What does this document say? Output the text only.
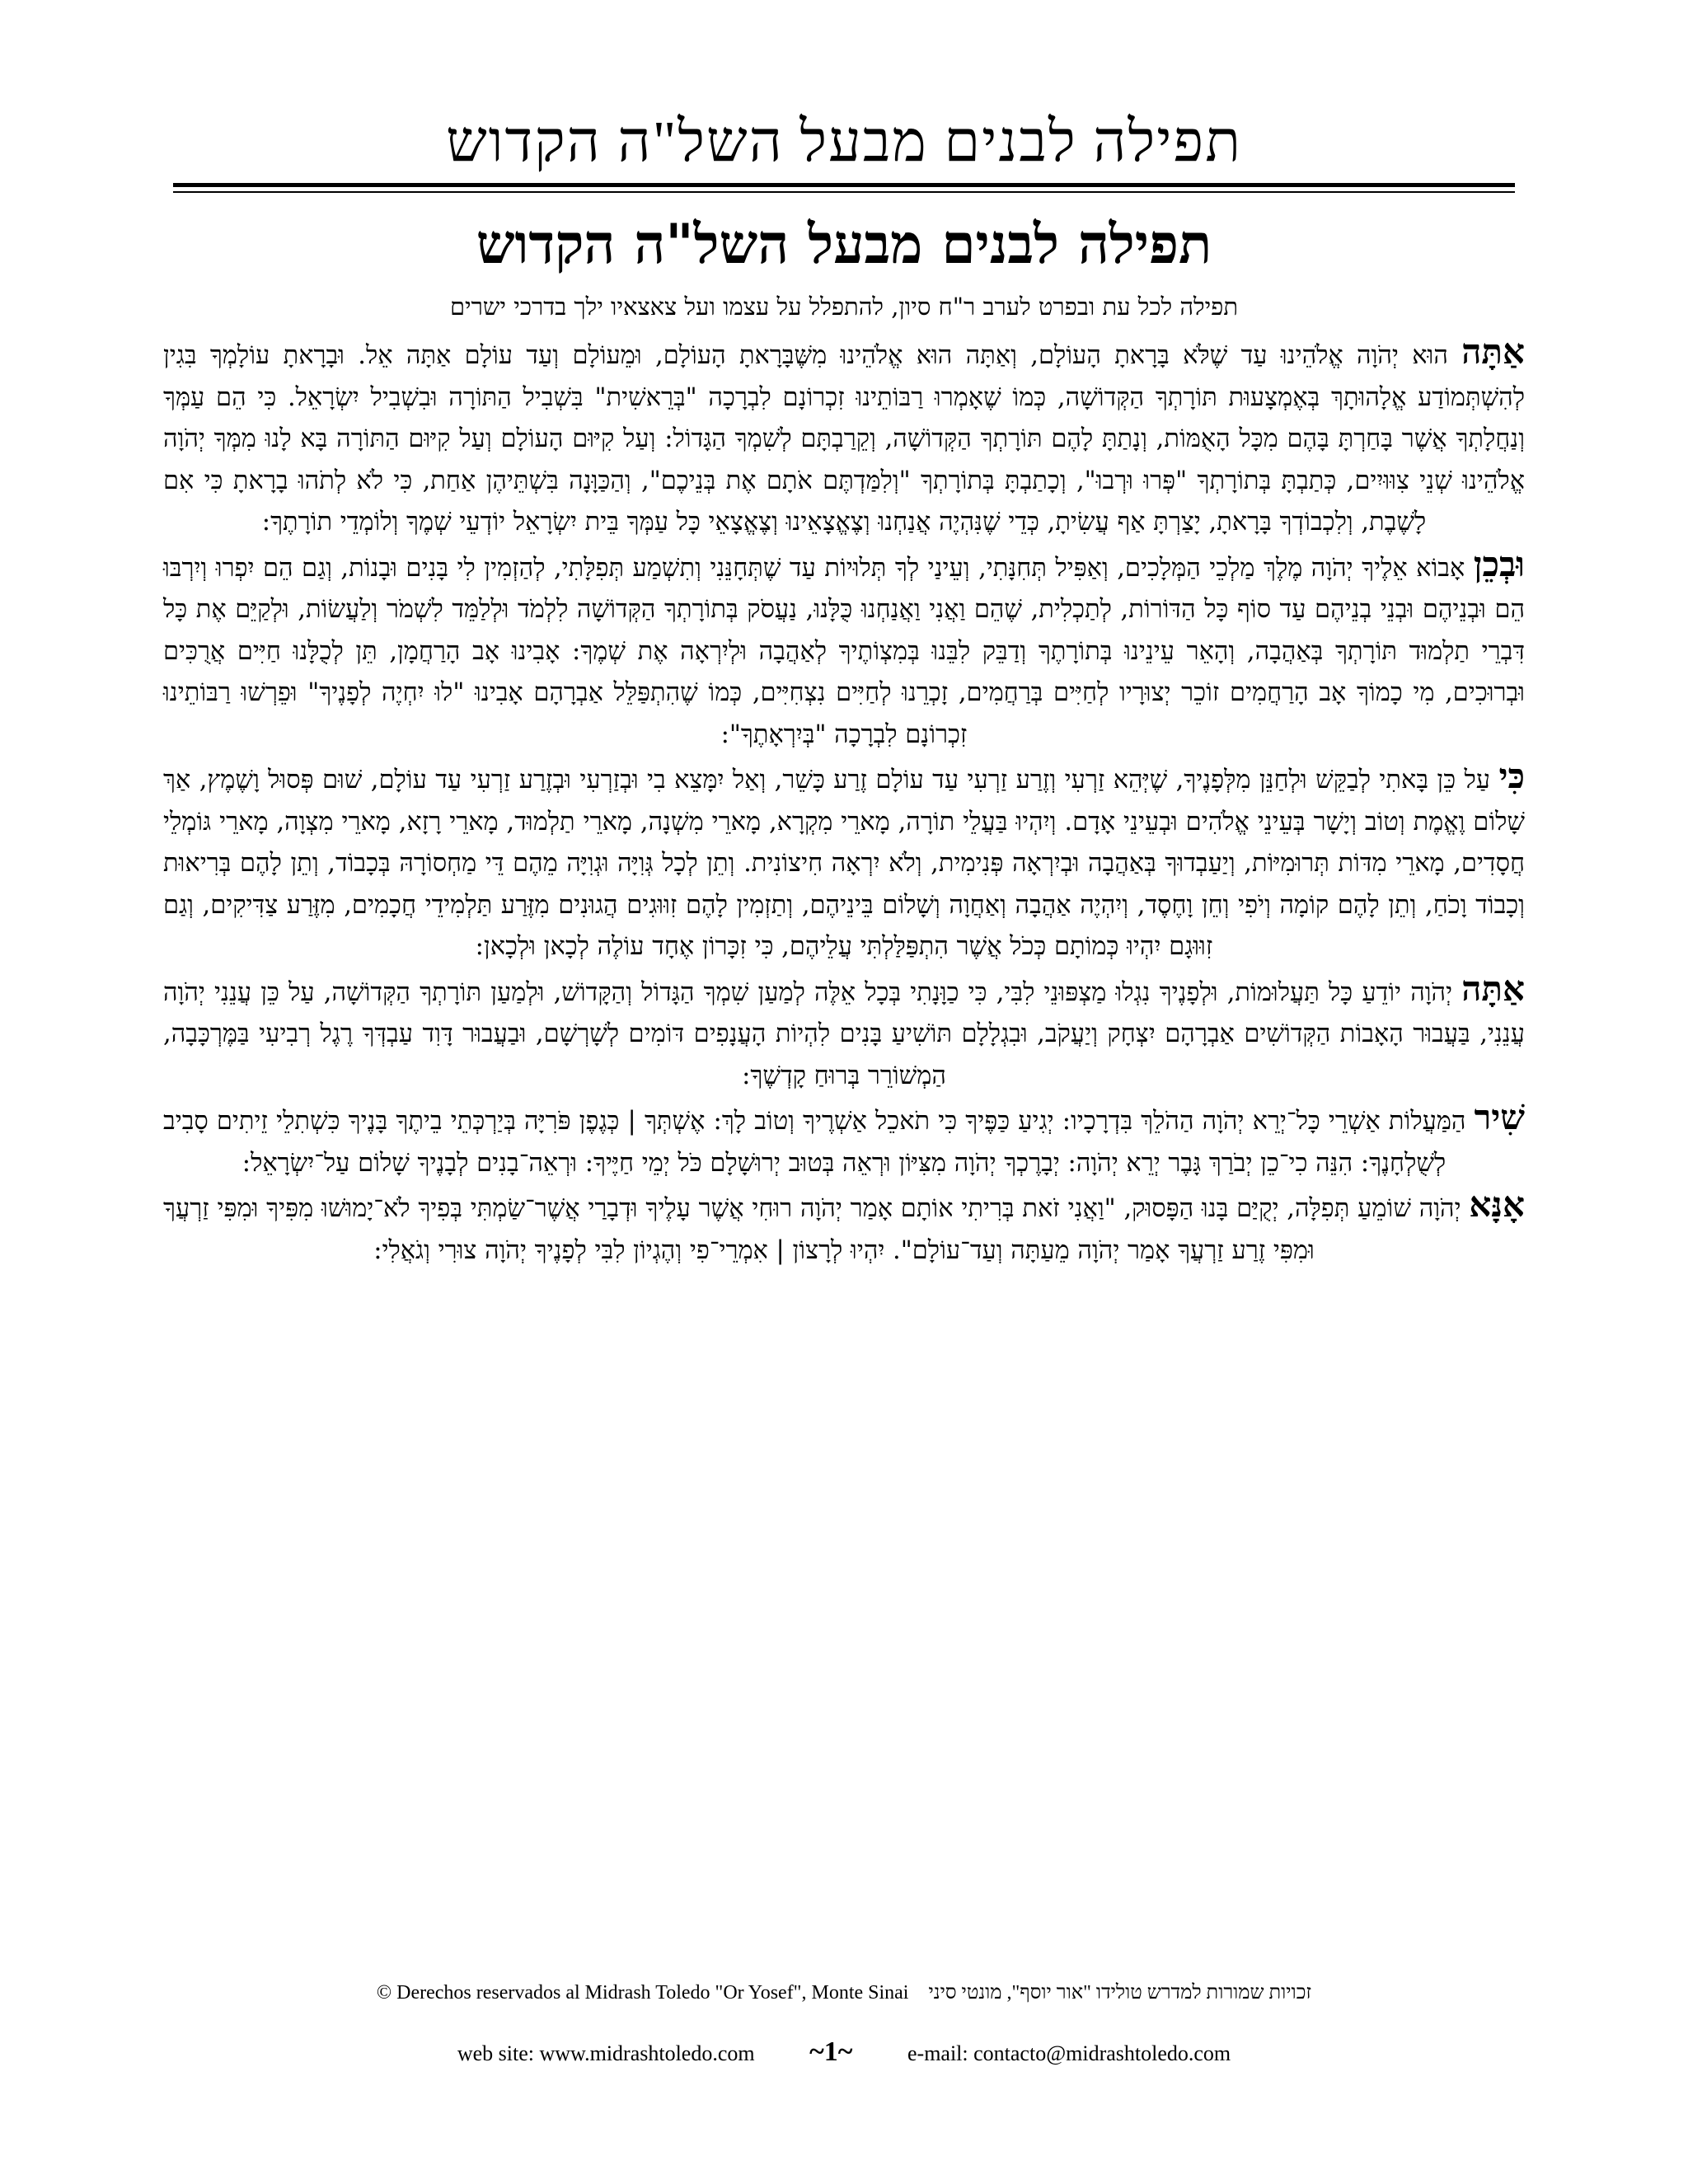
תפילה לבנים מבעל השל"ה הקדוש
תפילה לבנים מבעל השל"ה הקדוש
תפילה לכל עת ובפרט לערב ר"ח סיון, להתפלל על עצמו ועל צאצאיו ילך בדרכי ישרים

אַתָּה הוּא יְהֹוָה אֱלֹהֵינוּ עַד שֶׁלֹּא בָּרָאתָ הָעוֹלָם, וְאַתָּה הוּא אֱלֹהֵינוּ מִשֶּׁבָּרָאתָ הָעוֹלָם, וּמֵעוֹלָם וְעַד עוֹלָם אַתָּה אֵל. וּבָרָאתָ עוֹלָמְךָ בִּגִין לְהִשְׁתְּמוֹדַע אֱלָהוּתָךְ בְּאֶמְצָעוּת תּוֹרָתְךָ הַקְּדוֹשָׁה, כְּמוֹ שֶׁאָמְרוּ רַבּוֹתֵינוּ זִכְרוֹנָם לִבְרָכָה "בְּרֵאשִׁית" בִּשְׁבִיל הַתּוֹרָה וּבִשְׁבִיל יִשְׂרָאֵל. כִּי הֵם עַמְּךָ וְנַחֲלָתְךָ אֲשֶׁר בָּחַרְתָּ בָּהֶם מִכָּל הָאֻמּוֹת, וְנָתַתָּ לָהֶם תּוֹרָתְךָ הַקְּדוֹשָׁה, וְקֵרַבְתָּם לְשִׁמְךָ הַגָּדוֹל: וְעַל קִיּוּם הָעוֹלָם וְעַל קִיּוּם הַתּוֹרָה בָּא לָנוּ מִמְּךָ יְהֹוָה אֱלֹהֵינוּ שְׁנֵי צִוּוּיִים, כְּתַבְתָּ בְּתוֹרָתְךָ "פְּרוּ וּרְבוּ", וְכָתַבְתָּ בְּתוֹרָתְךָ "וְלִמַּדְתֶּם אֹתָם אֶת בְּנֵיכֶם", וְהַכַּוָּנָה בִּשְׁתֵּיהֶן אַחַת, כִּי לֹא לְתֹהוּ בָרָאתָ כִּי אִם לָשֶׁבֶת, וְלִכְבוֹדְךָ בָּרָאתָ, יָצַרְתָּ אַף עֲשִׂיתָ, כְּדֵי שֶׁנִּהְיֶה אֲנַחְנוּ וְצֶאֱצָאֵינוּ וְצֶאֱצָאֵי כָּל עַמְּךָ בֵּית יִשְׂרָאֵל יוֹדְעֵי שְׁמֶךָ וְלוֹמְדֵי תוֹרָתֶךָ:

וּבְכֵן אָבוֹא אֵלֶיךָ יְהֹוָה מֶלֶךְ מַלְכֵי הַמְּלָכִים, וְאַפִּיל תְּחִנָּתִי, וְעֵינַי לְךָ תְּלוּיוֹת עַד שֶׁתְּחָנֵּנִי וְתִשְׁמַע תְּפִלָּתִי, לְהַזְמִין לִי בָּנִים וּבָנוֹת, וְגַם הֵם יִפְרוּ וְיִרְבּוּ הֵם וּבְנֵיהֶם וּבְנֵי בְנֵיהֶם עַד סוֹף כָּל הַדּוֹרוֹת, לְתַכְלִית, שֶׁהֵם וַאֲנִי וַאֲנַחְנוּ כֻּלָּנוּ, נַעֲסֹק בְּתוֹרָתְךָ הַקְּדוֹשָׁה לִלְמֹד וּלְלַמֵּד לִשְׁמֹר וְלַעֲשׂוֹת, וּלְקַיֵּם אֶת כָּל דִּבְרֵי תַלְמוּד תּוֹרָתְךָ בְּאַהֲבָה, וְהָאֵר עֵינֵינוּ בְּתוֹרָתֶךָ וְדַבֵּק לִבֵּנוּ בְּמִצְוֹתֶיךָ לְאַהֲבָה וּלְיִרְאָה אֶת שְׁמֶךָ: אָבִינוּ אָב הָרַחֲמָן, תֵּן לְכֻלָּנוּ חַיִּים אֲרֻכִּים וּבְרוּכִים, מִי כָמוֹךָ אָב הָרַחֲמִים זוֹכֵר יְצוּרָיו לְחַיִּים בְּרַחֲמִים, זָכְרֵנוּ לְחַיִּים נִצְחִיִּים, כְּמוֹ שֶׁהִתְפַּלֵּל אַבְרָהָם אָבִינוּ "לוּ יִחְיֶה לְפָנֶיךָ" וּפֵרְשׁוּ רַבּוֹתֵינוּ זִכְרוֹנָם לִבְרָכָה "בְּיִרְאָתֶךָ":

כִּי עַל כֵּן בָּאתִי לְבַקֵּשׁ וּלְחַנֵּן מִלְּפָנֶיךָ, שֶׁיְּהֵא זַרְעִי וְזֶרַע זַרְעִי עַד עוֹלָם זֶרַע כָּשֵׁר, וְאַל יִמָּצֵא בִי וּבְזַרְעִי וּבְזֶרַע זַרְעִי עַד עוֹלָם, שׁוּם פְּסוּל וָשֶׁמֶץ, אַךְ שָׁלוֹם וֶאֱמֶת וְטוֹב וְיָשָׁר בְּעֵינֵי אֱלֹהִים וּבְעֵינֵי אָדָם. וְיִהְיוּ בַּעֲלֵי תוֹרָה, מָארֵי מִקְרָא, מָארֵי מִשְׁנָה, מָארֵי תַלְמוּד, מָארֵי רָזָא, מָארֵי מִצְוָה, מָארֵי גּוֹמְלֵי חֲסָדִים, מָארֵי מִדּוֹת תְּרוּמִיּוֹת, וְיַעַבְדוּךָ בְּאַהֲבָה וּבְיִרְאָה פְּנִימִית, וְלֹא יִרְאָה חִיצוֹנִית. וְתֵן לְכָל גְּוִיָּה וּגְוִיָּה מֵהֶם דֵּי מַחְסוֹרָהּ בְּכָבוֹד, וְתֵן לָהֶם בְּרִיאוּת וְכָבוֹד וָכֹחַ, וְתֵן לָהֶם קוֹמָה וְיֹפִי וְחֵן וָחֶסֶד, וְיִהְיֶה אַהֲבָה וְאַחֲוָה וְשָׁלוֹם בֵּינֵיהֶם, וְתַזְמִין לָהֶם זִוּוּגִים הֲגוּנִים מִזֶּרַע תַּלְמִידֵי חֲכָמִים, מִזֶּרַע צַדִּיקִים, וְגַם זִוּוּגָם יִהְיוּ כְּמוֹתָם כְּכֹל אֲשֶׁר הִתְפַּלַּלְתִּי עֲלֵיהֶם, כִּי זִכָּרוֹן אֶחָד עוֹלֶה לְכָאן וּלְכָאן:

אַתָּה יְהֹוָה יוֹדֵעַ כָּל תַּעֲלוּמוֹת, וּלְפָנֶיךָ נִגְלוּ מַצְפּוּנֵי לִבִּי, כִּי כַוָּנָתִי בְּכָל אֵלֶּה לְמַעַן שִׁמְךָ הַגָּדוֹל וְהַקָּדוֹשׁ, וּלְמַעַן תּוֹרָתְךָ הַקְּדוֹשָׁה, עַל כֵּן עֲנֵנִי יְהֹוָה עֲנֵנִי, בַּעֲבוּר הָאָבוֹת הַקְּדוֹשִׁים אַבְרָהָם יִצְחָק וְיַעֲקֹב, וּבִגְלָלָם תּוֹשִׁיעַ בָּנִים לִהְיוֹת הָעֲנָפִים דּוֹמִים לְשָׁרְשָׁם, וּבַעֲבוּר דָּוִד עַבְדְּךָ רֶגֶל רְבִיעִי בַּמֶּרְכָּבָה, הַמְשׁוֹרֵר בְּרוּחַ קָדְשֶׁךָ:

שִׁיר הַמַּעֲלוֹת אַשְׁרֵי כָּל־יְרֵא יְהֹוָה הַהֹלֵךְ בִּדְרָכָיו: יְגִיעַ כַּפֶּיךָ כִּי תֹאכֵל אַשְׁרֶיךָ וְטוֹב לָךְ: אֶשְׁתְּךָ | כְּגֶפֶן פֹּרִיָּה בְּיַרְכְּתֵי בֵיתֶךָ בָּנֶיךָ כִּשְׁתִלֵי זֵיתִים סָבִיב לְשֻׁלְחָנֶךָ: הִנֵּה כִי־כֵן יְבֹרַךְ גָּבֶר יְרֵא יְהֹוָה: יְבָרֶכְךָ יְהֹוָה מִצִּיּוֹן וּרְאֵה בְּטוּב יְרוּשָׁלָם כֹּל יְמֵי חַיֶּיךָ: וּרְאֵה־בָנִים לְבָנֶיךָ שָׁלוֹם עַל־יִשְׂרָאֵל:

אָנָּא יְהֹוָה שׁוֹמֵעַ תְּפִלָּה, יְקֻיַּם בָּנוּ הַפָּסוּק, "וַאֲנִי זֹאת בְּרִיתִי אוֹתָם אָמַר יְהֹוָה רוּחִי אֲשֶׁר עָלֶיךָ וּדְבָרַי אֲשֶׁר־שַׂמְתִּי בְּפִיךָ לֹא־יָמוּשׁוּ מִפִּיךָ וּמִפִּי זַרְעֲךָ וּמִפִּי זֶרַע זַרְעֲךָ אָמַר יְהֹוָה מֵעַתָּה וְעַד־עוֹלָם". יִהְיוּ לְרָצוֹן | אִמְרֵי־פִי וְהֶגְיוֹן לִבִּי לְפָנֶיךָ יְהֹוָה צוּרִי וְגֹאֲלִי:

© Derechos reservados al Midrash Toledo "Or Yosef", Monte Sinai זכויות שמורות למדרש טולידו "אור יוסף", מונטי סיני
web site: www.midrashtoledo.com ~1~	e-mail: contacto@midrashtoledo.com
